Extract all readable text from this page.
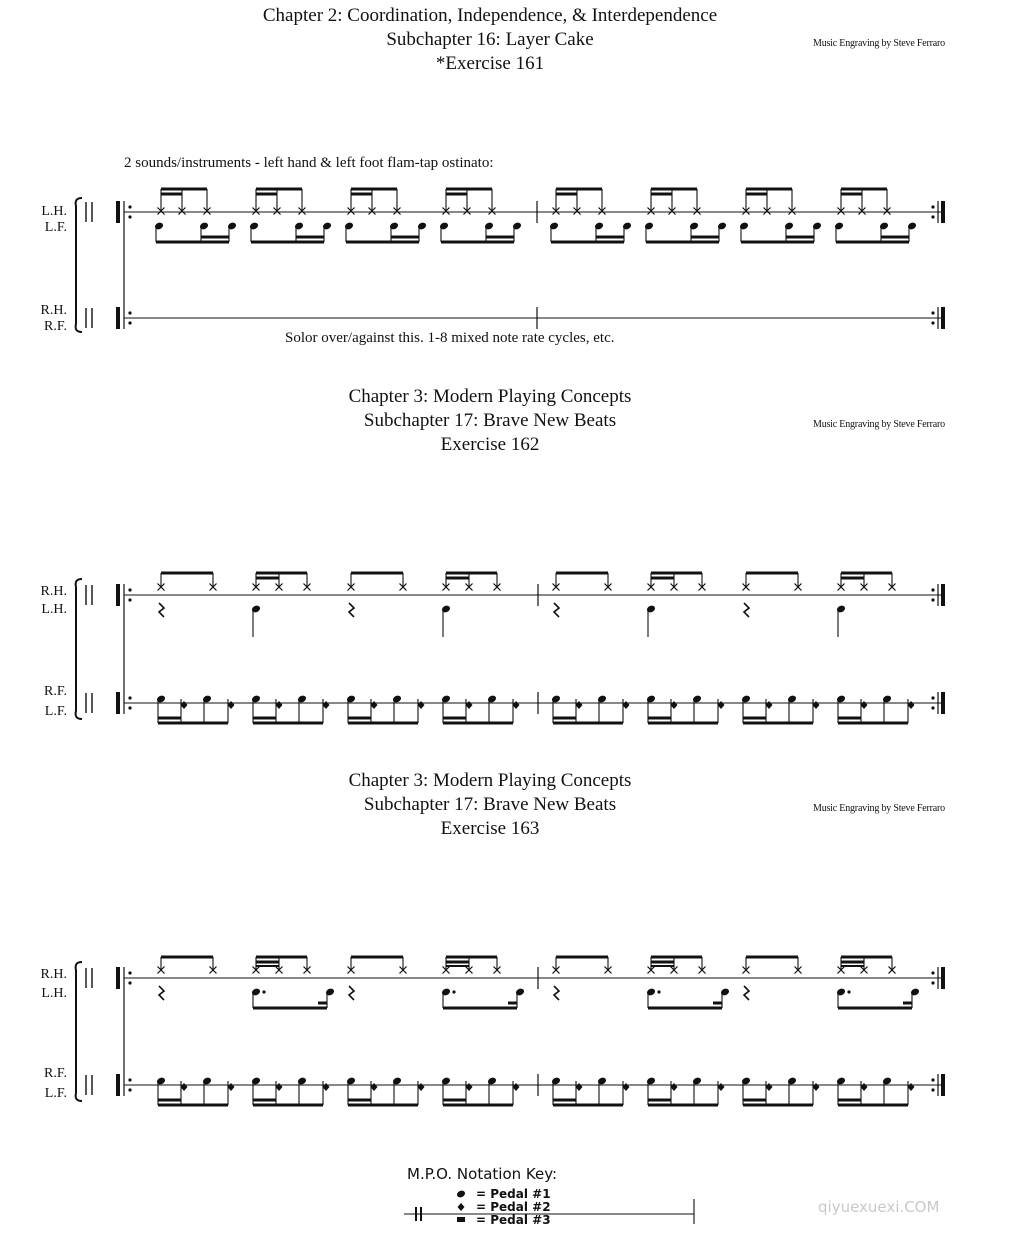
Chapter 2: Coordination, Independence, & Interdependence
Subchapter 16: Layer Cake
*Exercise 161
Music Engraving by Steve Ferraro
2 sounds/instruments - left hand & left foot flam-tap ostinato:
L.H.
L.F.
R.H.
R.F.
Solor over/against this. 1-8 mixed note rate cycles, etc.
Chapter 3: Modern Playing Concepts
Subchapter 17: Brave New Beats
Exercise 162
Music Engraving by Steve Ferraro
R.H.
L.H.
R.F.
L.F.
Chapter 3: Modern Playing Concepts
Subchapter 17: Brave New Beats
Exercise 163
Music Engraving by Steve Ferraro
R.H.
L.H.
R.F.
L.F.
M.P.O. Notation Key:
= Pedal #1
= Pedal #2
= Pedal #3
qiyuexuexi.COM
